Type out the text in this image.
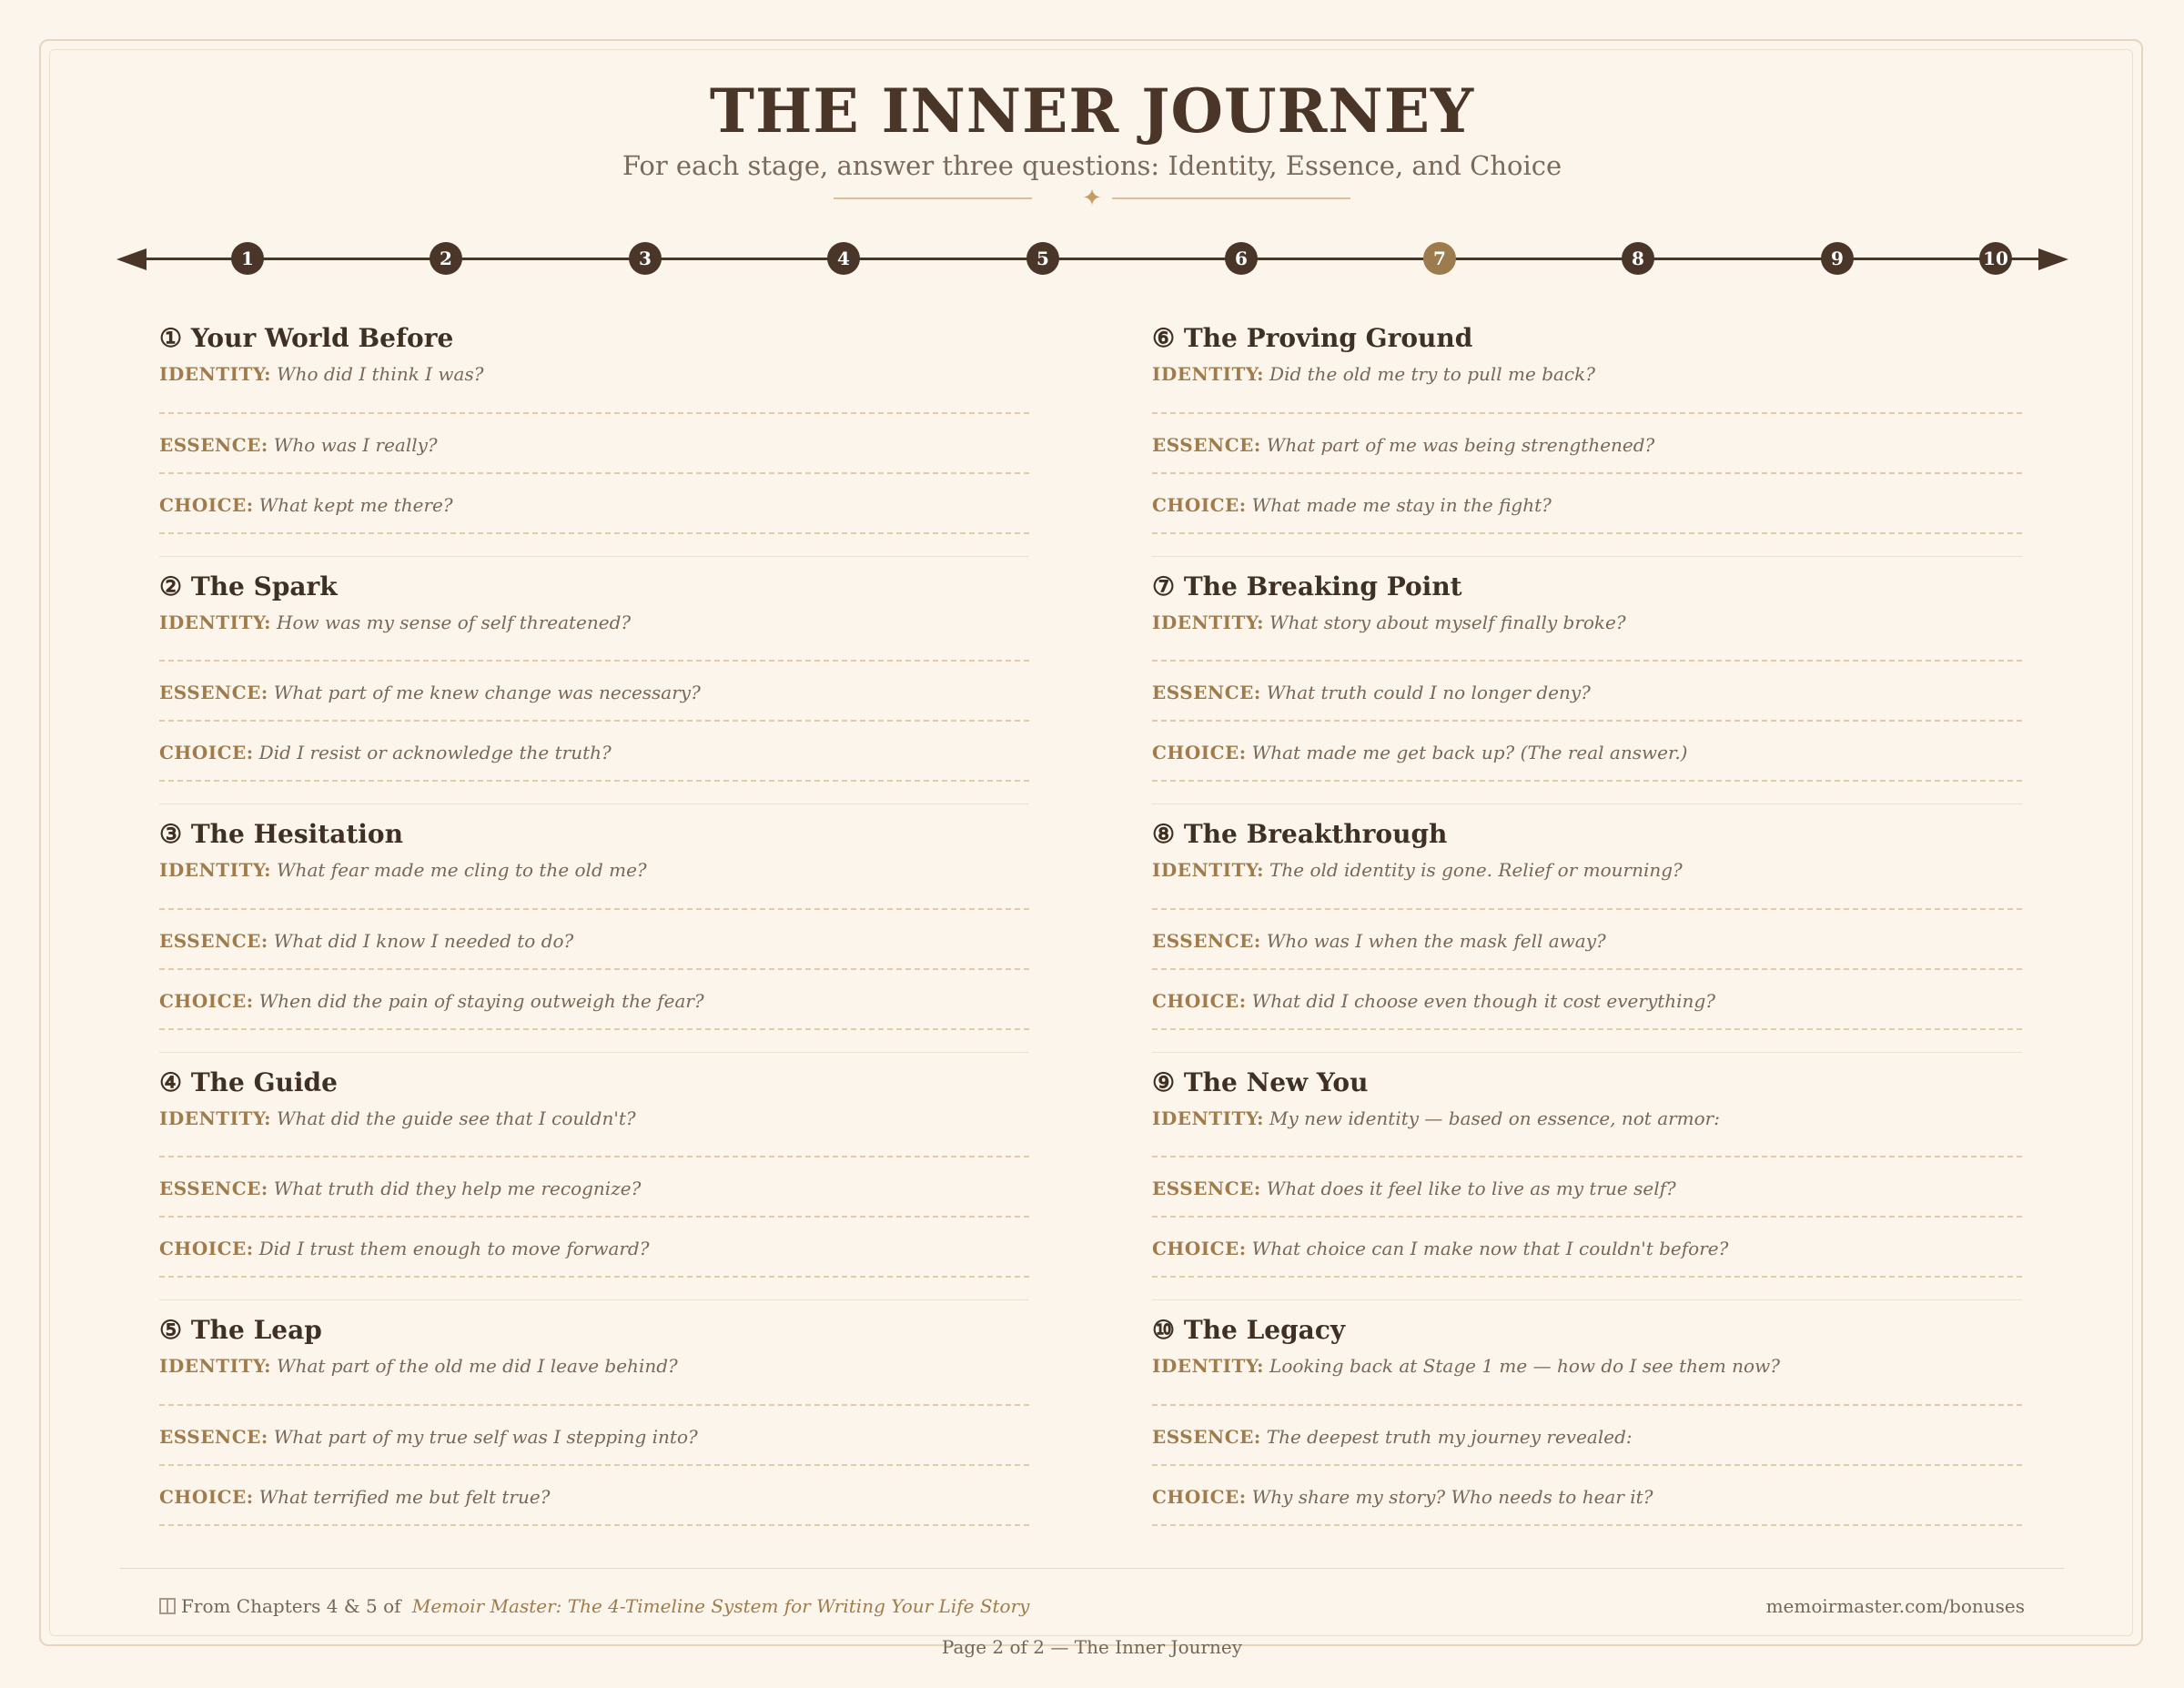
THE INNER JOURNEY
For each stage, answer three questions: Identity, Essence, and Choice
✦
1	2	3	4	5	6	7	8	9	10
① Your World Before
IDENTITY: Who did I think I was?
ESSENCE: Who was I really?
CHOICE: What kept me there?
② The Spark
IDENTITY: How was my sense of self threatened?
ESSENCE: What part of me knew change was necessary?
CHOICE: Did I resist or acknowledge the truth?
③ The Hesitation
IDENTITY: What fear made me cling to the old me?
ESSENCE: What did I know I needed to do?
CHOICE: When did the pain of staying outweigh the fear?
④ The Guide
IDENTITY: What did the guide see that I couldn't?
ESSENCE: What truth did they help me recognize?
CHOICE: Did I trust them enough to move forward?
⑤ The Leap
IDENTITY: What part of the old me did I leave behind?
ESSENCE: What part of my true self was I stepping into?
CHOICE: What terrified me but felt true?
⑥ The Proving Ground
IDENTITY: Did the old me try to pull me back?
ESSENCE: What part of me was being strengthened?
CHOICE: What made me stay in the fight?
⑦ The Breaking Point
IDENTITY: What story about myself finally broke?
ESSENCE: What truth could I no longer deny?
CHOICE: What made me get back up? (The real answer.)
⑧ The Breakthrough
IDENTITY: The old identity is gone. Relief or mourning?
ESSENCE: Who was I when the mask fell away?
CHOICE: What did I choose even though it cost everything?
⑨ The New You
IDENTITY: My new identity — based on essence, not armor:
ESSENCE: What does it feel like to live as my true self?
CHOICE: What choice can I make now that I couldn't before?
⑩ The Legacy
IDENTITY: Looking back at Stage 1 me — how do I see them now?
ESSENCE: The deepest truth my journey revealed:
CHOICE: Why share my story? Who needs to hear it?
From Chapters 4 & 5 of Memoir Master: The 4-Timeline System for Writing Your Life Story	memoirmaster.com/bonuses
Page 2 of 2 — The Inner Journey
